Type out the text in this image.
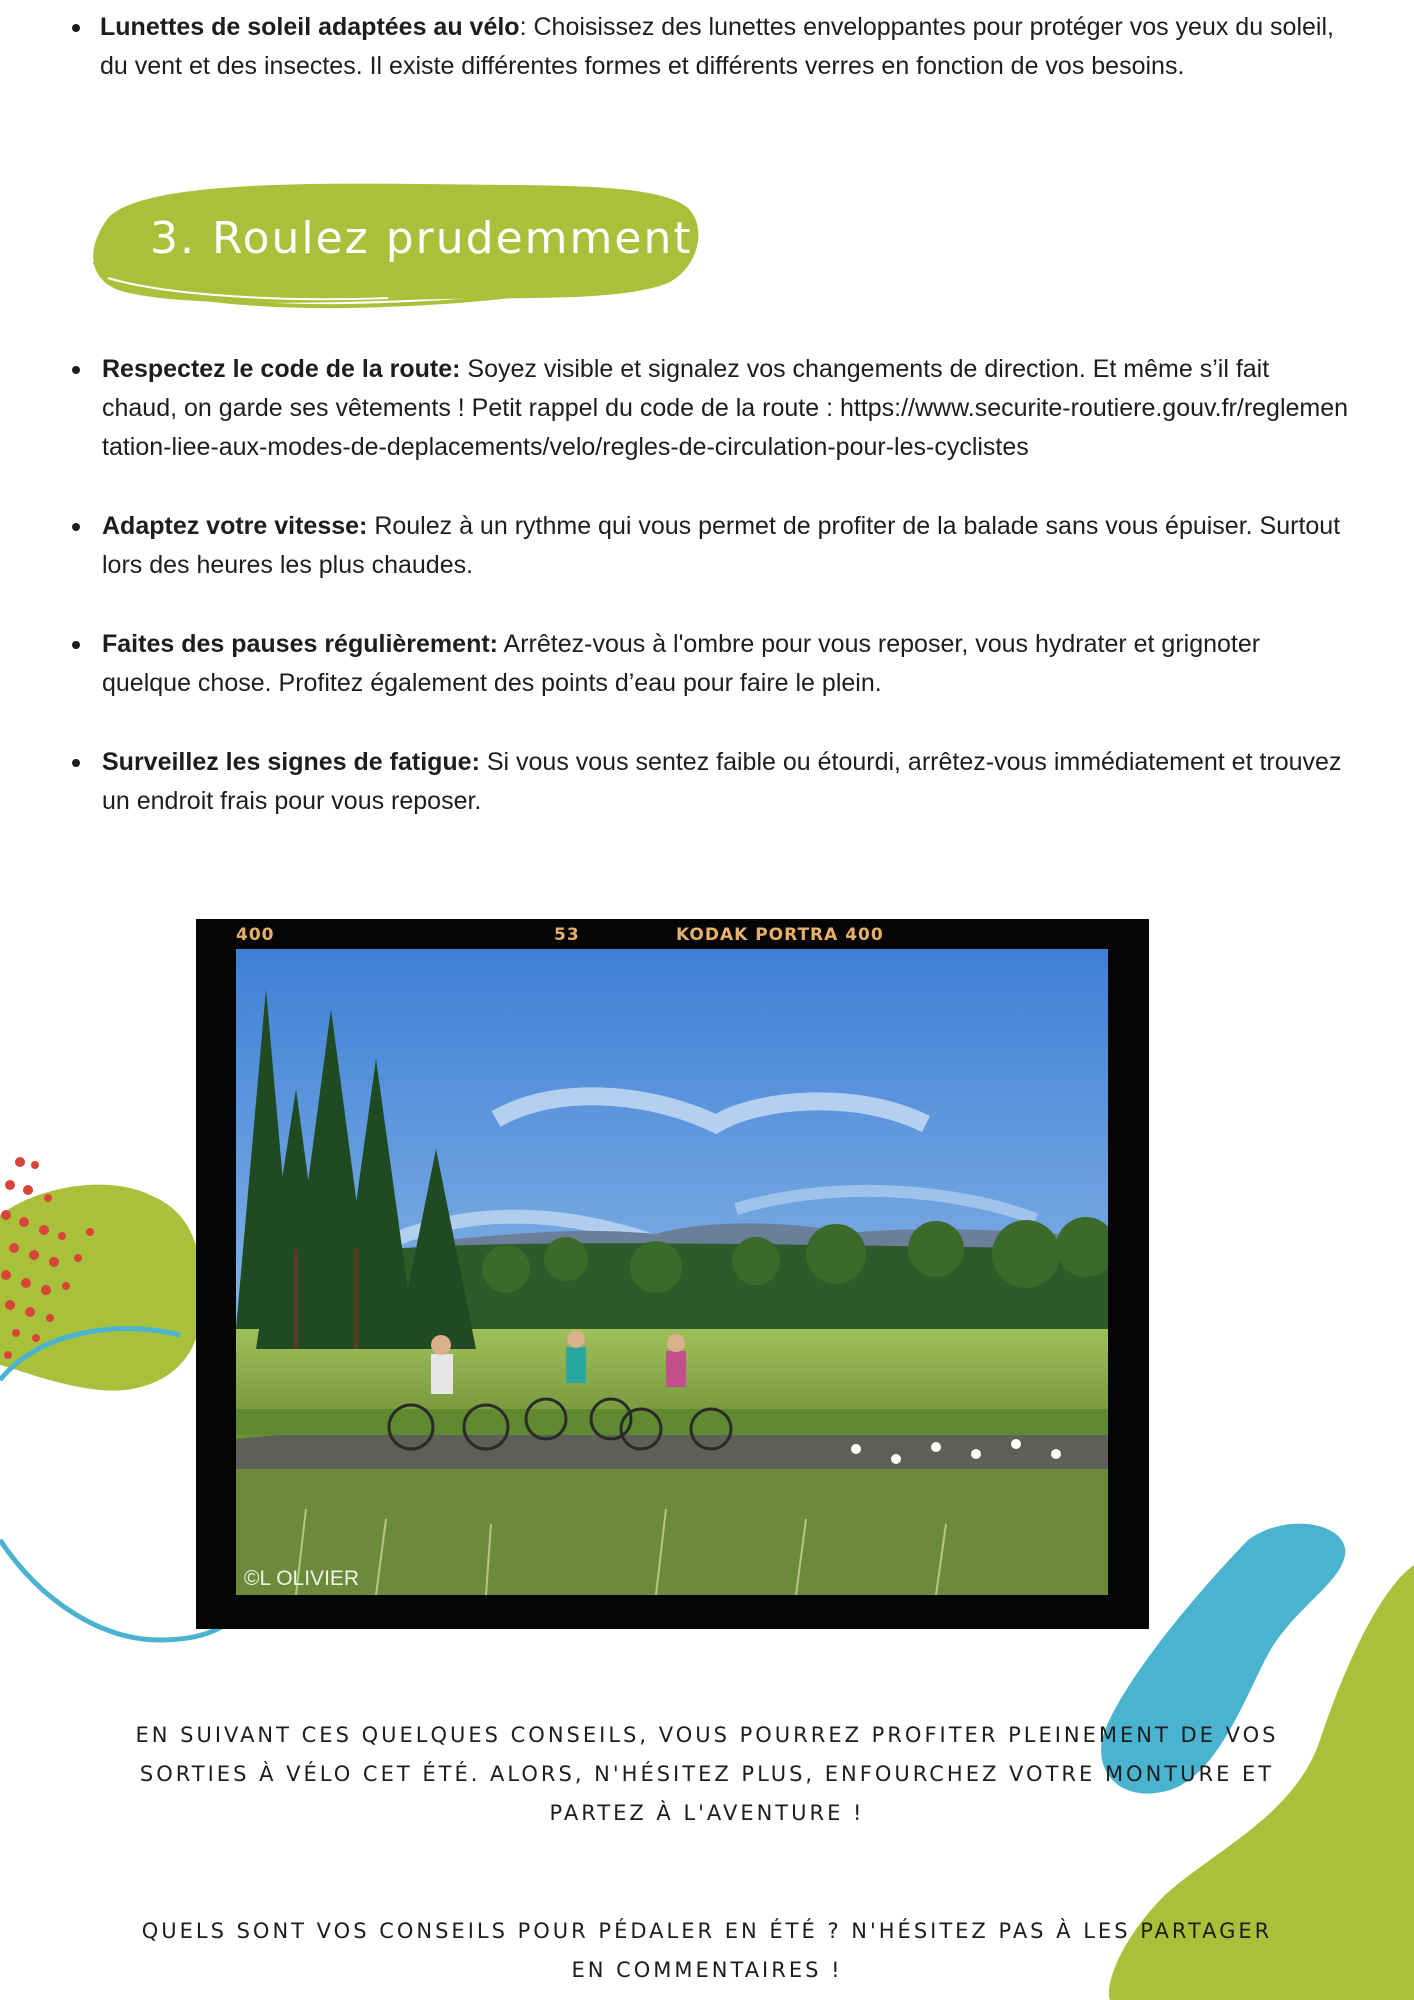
Lunettes de soleil adaptées au vélo: Choisissez des lunettes enveloppantes pour protéger vos yeux du soleil, du vent et des insectes. Il existe différentes formes et différents verres en fonction de vos besoins.
3. Roulez prudemment
Respectez le code de la route: Soyez visible et signalez vos changements de direction. Et même s’il fait chaud, on garde ses vêtements ! Petit rappel du code de la route : https://www.securite-routiere.gouv.fr/reglementation-liee-aux-modes-de-deplacements/velo/regles-de-circulation-pour-les-cyclistes
Adaptez votre vitesse: Roulez à un rythme qui vous permet de profiter de la balade sans vous épuiser. Surtout lors des heures les plus chaudes.
Faites des pauses régulièrement: Arrêtez-vous à l'ombre pour vous reposer, vous hydrater et grignoter quelque chose. Profitez également des points d’eau pour faire le plein.
Surveillez les signes de fatigue: Si vous vous sentez faible ou étourdi, arrêtez-vous immédiatement et trouvez un endroit frais pour vous reposer.
400	53	KODAK PORTRA 400
©L OLIVIER

EN SUIVANT CES QUELQUES CONSEILS, VOUS POURREZ PROFITER PLEINEMENT DE VOS SORTIES À VÉLO CET ÉTÉ. ALORS, N'HÉSITEZ PLUS, ENFOURCHEZ VOTRE MONTURE ET PARTEZ À L'AVENTURE !

QUELS SONT VOS CONSEILS POUR PÉDALER EN ÉTÉ ? N'HÉSITEZ PAS À LES PARTAGER EN COMMENTAIRES !
